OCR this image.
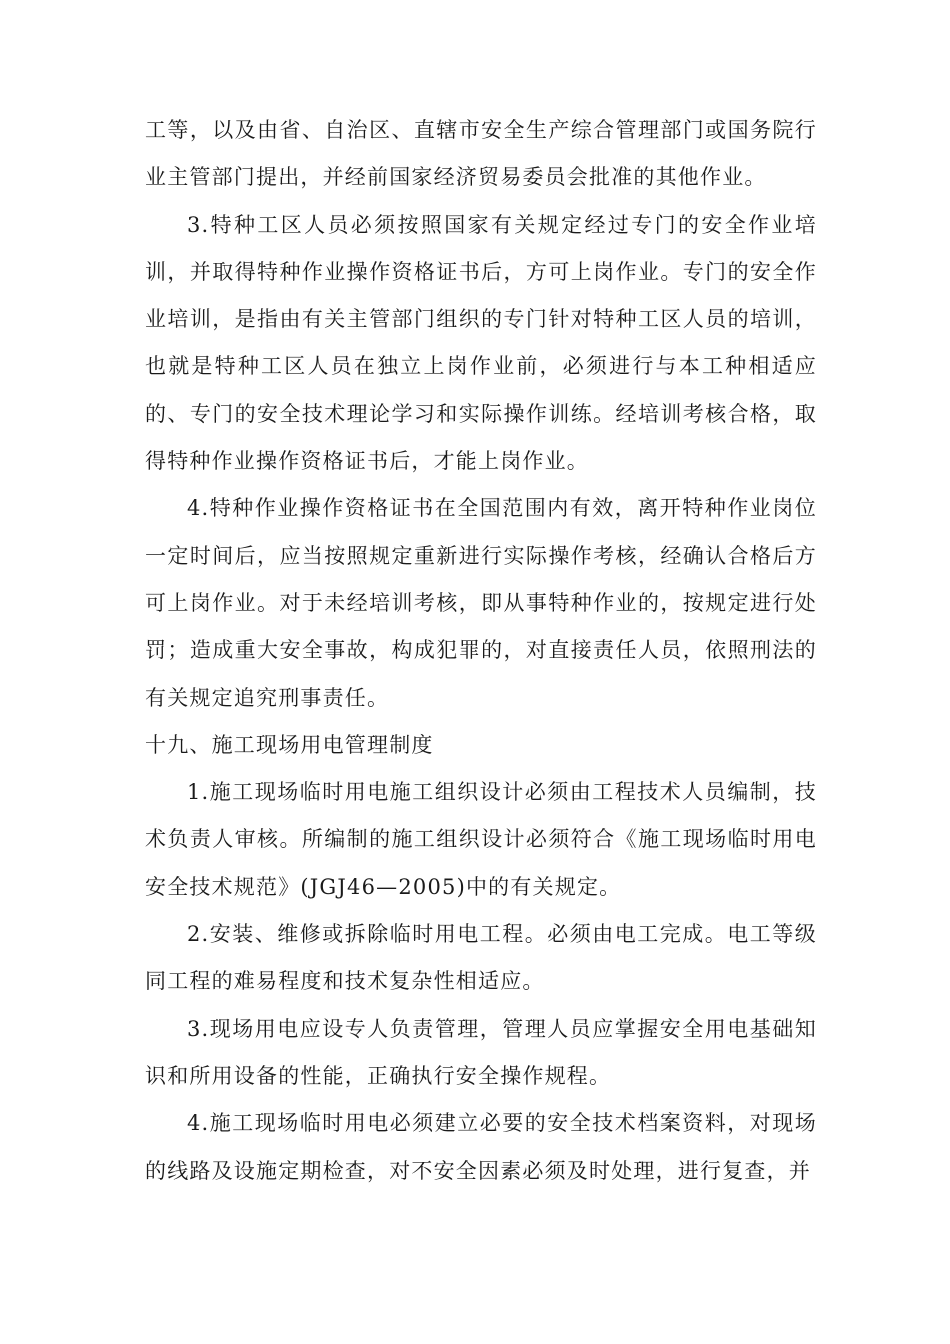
工等，以及由省、自治区、直辖市安全生产综合管理部门或国务院行业主管部门提出，并经前国家经济贸易委员会批准的其他作业。

3.特种工区人员必须按照国家有关规定经过专门的安全作业培训，并取得特种作业操作资格证书后，方可上岗作业。专门的安全作业培训，是指由有关主管部门组织的专门针对特种工区人员的培训，也就是特种工区人员在独立上岗作业前，必须进行与本工种相适应的、专门的安全技术理论学习和实际操作训练。经培训考核合格，取得特种作业操作资格证书后，才能上岗作业。

4.特种作业操作资格证书在全国范围内有效，离开特种作业岗位一定时间后，应当按照规定重新进行实际操作考核，经确认合格后方可上岗作业。对于未经培训考核，即从事特种作业的，按规定进行处罚；造成重大安全事故，构成犯罪的，对直接责任人员，依照刑法的有关规定追究刑事责任。

十九、施工现场用电管理制度

1.施工现场临时用电施工组织设计必须由工程技术人员编制，技术负责人审核。所编制的施工组织设计必须符合《施工现场临时用电安全技术规范》(JGJ46—2005)中的有关规定。

2.安装、维修或拆除临时用电工程。必须由电工完成。电工等级同工程的难易程度和技术复杂性相适应。

3.现场用电应设专人负责管理，管理人员应掌握安全用电基础知识和所用设备的性能，正确执行安全操作规程。

4.施工现场临时用电必须建立必要的安全技术档案资料，对现场的线路及设施定期检查，对不安全因素必须及时处理，进行复查，并
